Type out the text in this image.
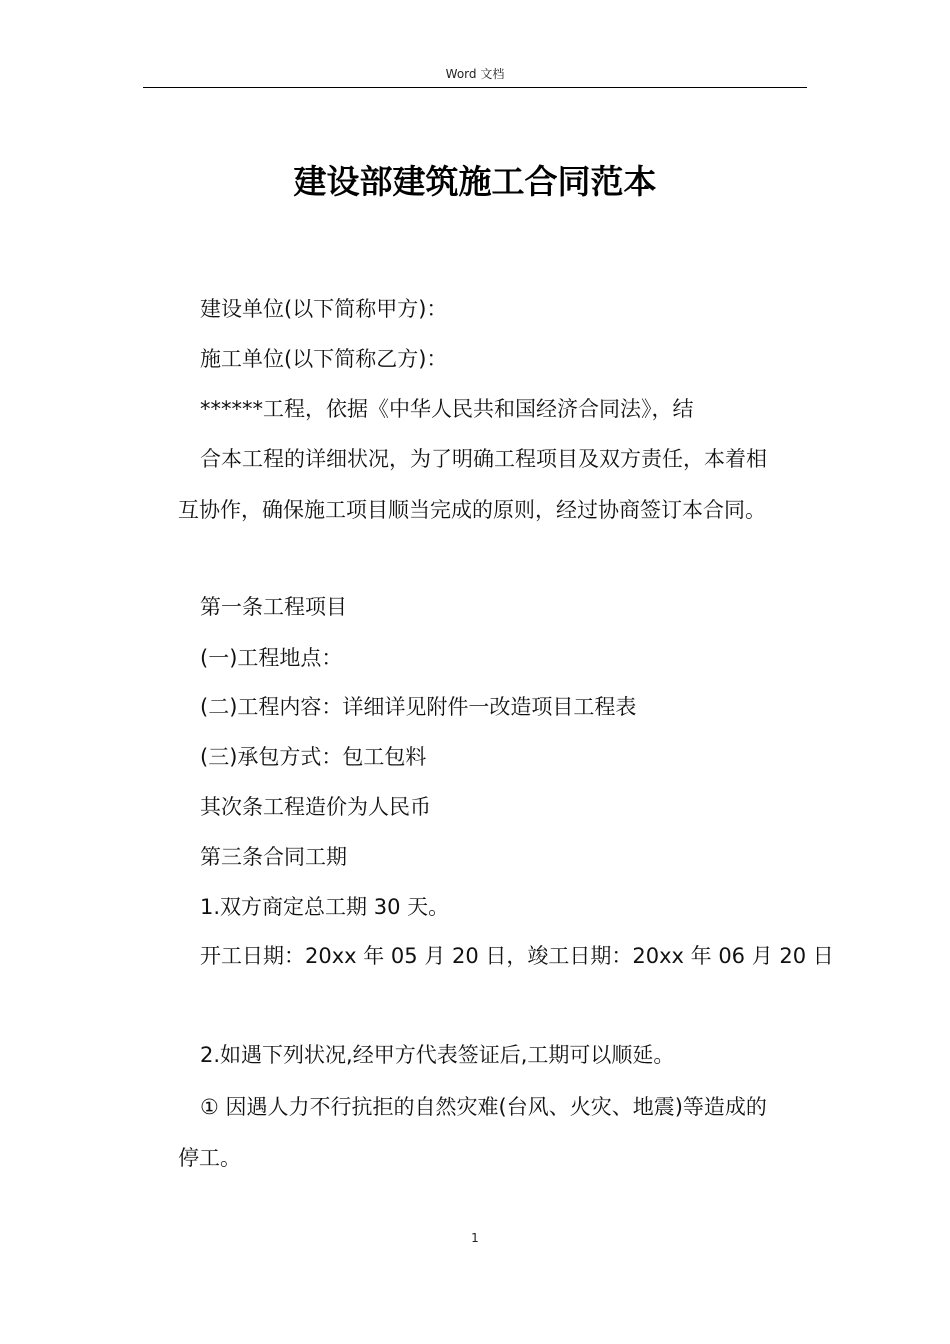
Word 文档
建设部建筑施工合同范本
建设单位(以下简称甲方)：
施工单位(以下简称乙方)：
******工程，依据《中华人民共和国经济合同法》，结
合本工程的详细状况，为了明确工程项目及双方责任，本着相
互协作，确保施工项目顺当完成的原则，经过协商签订本合同。
第一条工程项目
(一)工程地点：
(二)工程内容：详细详见附件一改造项目工程表
(三)承包方式：包工包料
其次条工程造价为人民币
第三条合同工期
1.双方商定总工期 30 天。
开工日期：20xx 年 05 月 20 日，竣工日期：20xx 年 06 月 20 日
2.如遇下列状况,经甲方代表签证后,工期可以顺延。
① 因遇人力不行抗拒的自然灾难(台风、火灾、地震)等造成的
停工。
1
